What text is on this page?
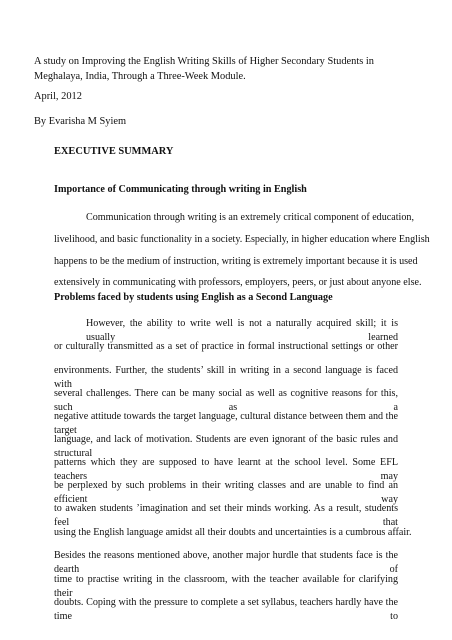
A study on Improving the English Writing Skills of Higher Secondary Students in Meghalaya, India, Through a Three-Week Module.

April, 2012

By Evarisha M Syiem

EXECUTIVE SUMMARY

Importance of Communicating through writing in English

Communication through writing is an extremely critical component of education,

livelihood, and basic functionality in a society. Especially, in higher education where English

happens to be the medium of instruction, writing is extremely important because it is used

extensively in communicating with professors, employers, peers, or just about anyone else.

Problems faced by students using English as a Second Language

However, the ability to write well is not a naturally acquired skill; it is usually learned

or culturally transmitted as a set of practice in formal instructional settings or other

environments. Further, the students’ skill in writing in a second language is faced with

several challenges. There can be many social as well as cognitive reasons for this, such as a

negative attitude towards the target language, cultural distance between them and the target

language, and lack of motivation. Students are even ignorant of the basic rules and structural

patterns which they are supposed to have learnt at the school level. Some EFL teachers may

be perplexed by such problems in their writing classes and are unable to find an efficient way

to awaken students ’imagination and set their minds working. As a result, students feel that

using the English language amidst all their doubts and uncertainties is a cumbrous affair.

Besides the reasons mentioned above, another major hurdle that students face is the dearth of

time to practise writing in the classroom, with the teacher available for clarifying their

doubts. Coping with the pressure to complete a set syllabus, teachers hardly have the time to
